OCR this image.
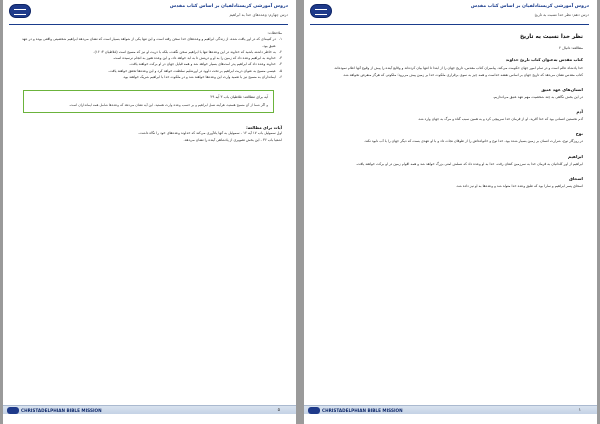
دروس آموزشی کریستادلفیان بر اساس کتاب مقدس
درس چهارم: وعده‌های خدا به ابراهیم
ملاحظات:
۱-
در کتیبه‌ای که در اور یافت شده، از زندگی ابراهیم و وعده‌های خدا سخن رفته است و این تنها یکی از شواهد بسیار است که نشان می‌دهد ابراهیم شخصیتی واقعی بوده و در عهد عتیق بود.
۲-
به خاطر داشته باشید که خداوند در این وعده‌ها تنها با ابراهیم سخن نگفت، بلکه با ذریت او نیز که مسیح است (غلاطیان ۳: ۱۶).
۳-
خداوند به ابراهیم وعده داد که زمین را به او و ذریتش تا به ابد خواهد داد، و این وعده هنوز به انجام نرسیده است.
۴-
خداوند وعده داد که ابراهیم پدر امت‌های بسیار خواهد شد و همه قبایل جهان در او برکت خواهند یافت.
۵-
عیسی مسیح به عنوان ذریت ابراهیم بر تخت داوود در اورشلیم سلطنت خواهد کرد و این وعده‌ها تحقق خواهند یافت.
۶-
ایمانداران به مسیح نیز با تعمید وارث این وعده‌ها خواهند شد و در ملکوت خدا با ابراهیم شریک خواهند بود.
آیه برای مطالعه: غلاطیان باب ۳ آیه ۲۹
و اگر شما از آنِ مسیح هستید، هرآینه نسل ابراهیم و بر حسب وعده وارث هستید. این آیه نشان می‌دهد که وعده‌ها شامل همه ایمانداران است.
آیات برای مطالعه:
اول سموئیل باب ۱۷ آیه ۱۲ - سموئیل به آنها یادآوری می‌کند که خداوند وعده‌های خود را نگاه داشت.
اشعیا باب ۳۶ - این بخش تصویری از پادشاهی آینده را نشان می‌دهد.
CHRISTADELPHIAN BIBLE MISSION	۵
دروس آموزشی کریستادلفیان بر اساس کتاب مقدس
درس دهم: نظر خدا نسبت به تاریخ
نظر خدا نسبت به تاریخ
مطالعه: دانیال ۲
کتاب مقدس به‌عنوان کتاب تاریخ خداوند
خدا پادشاه عالم است و در تمام امور جهان حکومت می‌کند. پیامبران کتاب مقدس، تاریخ جهان را از ابتدا تا انتها بیان کرده‌اند و وقایع آینده را پیش از وقوع آنها اعلام نموده‌اند.
کتاب مقدس نشان می‌دهد که تاریخ جهان بر اساس نقشه خداست و همه چیز به سوی برقراری ملکوت خدا بر زمین پیش می‌رود؛ ملکوتی که هرگز منقرض نخواهد شد.
انسان‌های عهد عتیق
در این بخش نگاهی به چند شخصیت مهم عهد عتیق می‌اندازیم.
آدم
آدم نخستین انسانی بود که خدا آفرید. او از فرمان خدا سرپیچی کرد و به همین سبب گناه و مرگ به جهان وارد شد.
نوح
در روزگار نوح، شرارت انسان بر زمین بسیار شده بود. خدا نوح و خانواده‌اش را از طوفان نجات داد و با او عهدی بست که دیگر جهان را با آب نابود نکند.
ابراهیم
ابراهیم از اور کلدانیان به فرمان خدا به سرزمین کنعان رفت. خدا به او وعده داد که نسلش امتی بزرگ خواهد شد و همه اقوام زمین در او برکت خواهند یافت.
اسحاق
اسحاق پسر ابراهیم و سارا بود که طبق وعده خدا متولد شد و وعده‌ها به او نیز داده شد.
CHRISTADELPHIAN BIBLE MISSION	۱
